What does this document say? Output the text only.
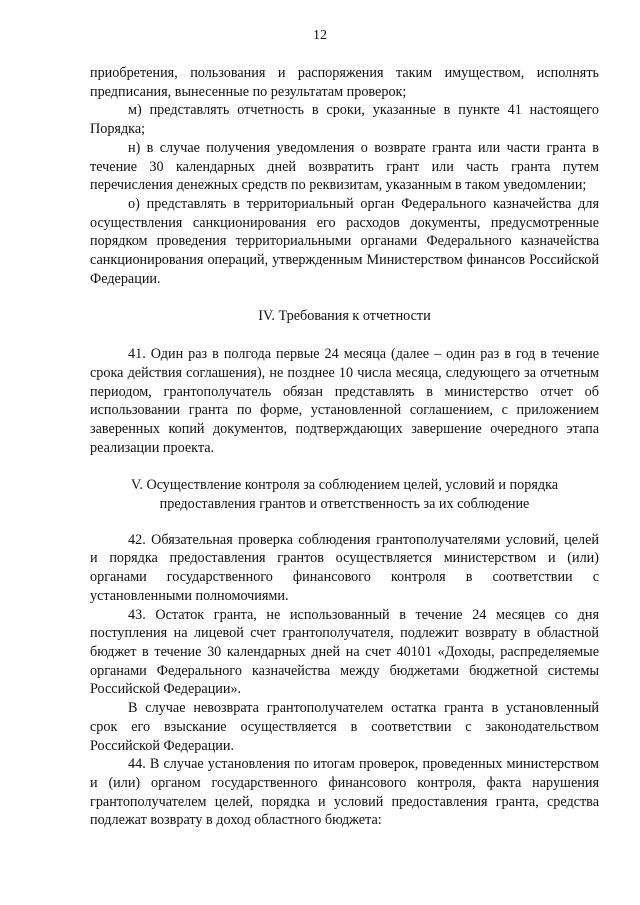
12

приобретения, пользования и распоряжения таким имуществом, исполнять предписания, вынесенные по результатам проверок;

м) представлять отчетность в сроки, указанные в пункте 41 настоящего Порядка;

н) в случае получения уведомления о возврате гранта или части гранта в течение 30 календарных дней возвратить грант или часть гранта путем перечисления денежных средств по реквизитам, указанным в таком уведомлении;

о) представлять в территориальный орган Федерального казначейства для осуществления санкционирования его расходов документы, предусмотренные порядком проведения территориальными органами Федерального казначейства санкционирования операций, утвержденным Министерством финансов Российской Федерации.

IV. Требования к отчетности

41. Один раз в полгода первые 24 месяца (далее – один раз в год в течение срока действия соглашения), не позднее 10 числа месяца, следующего за отчетным периодом, грантополучатель обязан представлять в министерство отчет об использовании гранта по форме, установленной соглашением, с приложением заверенных копий документов, подтверждающих завершение очередного этапа реализации проекта.

V. Осуществление контроля за соблюдением целей, условий и порядка предоставления грантов и ответственность за их соблюдение

42. Обязательная проверка соблюдения грантополучателями условий, целей и порядка предоставления грантов осуществляется министерством и (или) органами государственного финансового контроля в соответствии с установленными полномочиями.

43. Остаток гранта, не использованный в течение 24 месяцев со дня поступления на лицевой счет грантополучателя, подлежит возврату в областной бюджет в течение 30 календарных дней на счет 40101 «Доходы, распределяемые органами Федерального казначейства между бюджетами бюджетной системы Российской Федерации».

В случае невозврата грантополучателем остатка гранта в установленный срок его взыскание осуществляется в соответствии с законодательством Российской Федерации.

44. В случае установления по итогам проверок, проведенных министерством и (или) органом государственного финансового контроля, факта нарушения грантополучателем целей, порядка и условий предоставления гранта, средства подлежат возврату в доход областного бюджета:
